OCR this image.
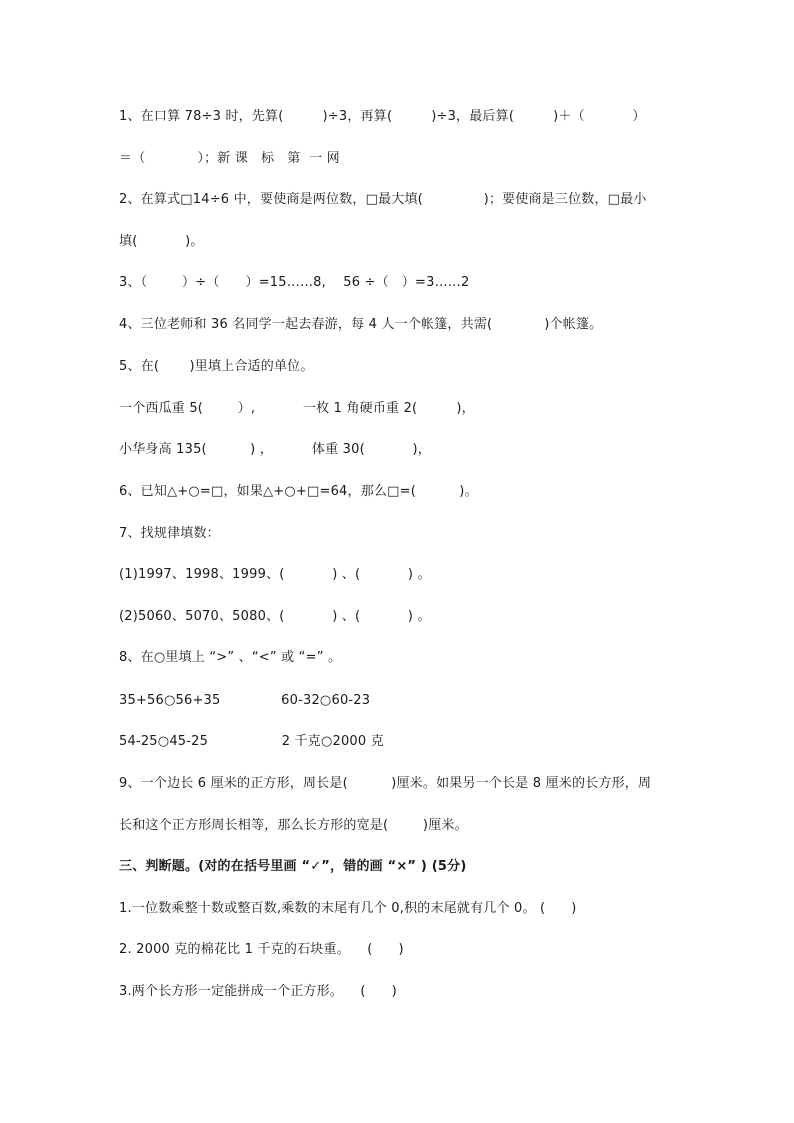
1、在口算 78÷3 时，先算(         )÷3，再算(         )÷3，最后算(         )＋（           ）
＝（            ）；新 课   标   第  一 网
2、在算式□14÷6 中，要使商是两位数，□最大填(              )；要使商是三位数，□最小
填(           )。
3、（        ）÷（      ）=15……8,    56 ÷（   ）=3……2
4、三位老师和 36 名同学一起去春游，每 4 人一个帐篷，共需(            )个帐篷。
5、在(       )里填上合适的单位。
一个西瓜重 5(        ）,           一枚 1 角硬币重 2(         )，
小华身高 135(          ) ，         体重 30(           )，
6、已知△+○=□，如果△+○+□=64，那么□=(          )。
7、找规律填数：
(1)1997、1998、1999、(           ) 、(           ) 。
(2)5060、5070、5080、(           ) 、(           ) 。
8、在○里填上 “>” 、“<” 或 “=” 。
35+56○56+35              60-32○60-23
54-25○45-25                 2 千克○2000 克
9、一个边长 6 厘米的正方形，周长是(          )厘米。如果另一个长是 8 厘米的长方形，周
长和这个正方形周长相等，那么长方形的宽是(        )厘米。
三、判断题。(对的在括号里画 “✓”，错的画 “×” ) (5分)
1.一位数乘整十数或整百数,乘数的末尾有几个 0,积的末尾就有几个 0。 (      )
2. 2000 克的棉花比 1 千克的石块重。    (      )
3.两个长方形一定能拼成一个正方形。    (      )
